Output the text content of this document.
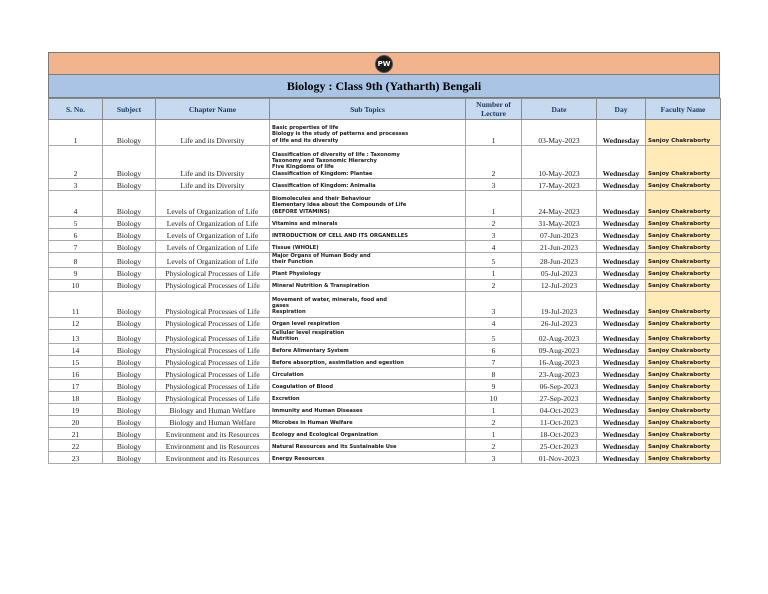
PW
Biology : Class 9th (Yatharth) Bengali
S. No.	Subject	Chapter Name	Sub Topics	Number of Lecture	Date	Day	Faculty Name
1	Biology	Life and its Diversity	Basic properties of life
Biology is the study of patterns and processes
of life and its diversity	1	03-May-2023	Wednesday	Sanjoy Chakraborty
2	Biology	Life and its Diversity	Classification of diversity of life : Taxonomy
Taxonomy and Taxonomic Hierarchy
Five Kingdoms of life
Classification of Kingdom: Plantae	2	10-May-2023	Wednesday	Sanjoy Chakraborty
3	Biology	Life and its Diversity	Classification of Kingdom: Animalia	3	17-May-2023	Wednesday	Sanjoy Chakraborty
4	Biology	Levels of Organization of Life	Biomolecules and their Behaviour
Elementary idea about the Compounds of Life
(BEFORE VITAMINS)	1	24-May-2023	Wednesday	Sanjoy Chakraborty
5	Biology	Levels of Organization of Life	Vitamins and minerals	2	31-May-2023	Wednesday	Sanjoy Chakraborty
6	Biology	Levels of Organization of Life	INTRODUCTION OF CELL AND ITS ORGANELLES	3	07-Jun-2023	Wednesday	Sanjoy Chakraborty
7	Biology	Levels of Organization of Life	Tissue (WHOLE)	4	21-Jun-2023	Wednesday	Sanjoy Chakraborty
8	Biology	Levels of Organization of Life	Major Organs of Human Body and
their Function	5	28-Jun-2023	Wednesday	Sanjoy Chakraborty
9	Biology	Physiological Processes of Life	Plant Physiology	1	05-Jul-2023	Wednesday	Sanjoy Chakraborty
10	Biology	Physiological Processes of Life	Mineral Nutrition & Transpiration	2	12-Jul-2023	Wednesday	Sanjoy Chakraborty
11	Biology	Physiological Processes of Life	Movement of water, minerals, food and
gases
Respiration	3	19-Jul-2023	Wednesday	Sanjoy Chakraborty
12	Biology	Physiological Processes of Life	Organ level respiration	4	26-Jul-2023	Wednesday	Sanjoy Chakraborty
13	Biology	Physiological Processes of Life	Cellular level respiration
Nutrition	5	02-Aug-2023	Wednesday	Sanjoy Chakraborty
14	Biology	Physiological Processes of Life	Before Alimentary System	6	09-Aug-2023	Wednesday	Sanjoy Chakraborty
15	Biology	Physiological Processes of Life	Before absorption, assimilation and egestion	7	16-Aug-2023	Wednesday	Sanjoy Chakraborty
16	Biology	Physiological Processes of Life	Circulation	8	23-Aug-2023	Wednesday	Sanjoy Chakraborty
17	Biology	Physiological Processes of Life	Coagulation of Blood	9	06-Sep-2023	Wednesday	Sanjoy Chakraborty
18	Biology	Physiological Processes of Life	Excretion	10	27-Sep-2023	Wednesday	Sanjoy Chakraborty
19	Biology	Biology and Human Welfare	Immunity and Human Diseases	1	04-Oct-2023	Wednesday	Sanjoy Chakraborty
20	Biology	Biology and Human Welfare	Microbes in Human Welfare	2	11-Oct-2023	Wednesday	Sanjoy Chakraborty
21	Biology	Environment and its Resources	Ecology and Ecological Organization	1	18-Oct-2023	Wednesday	Sanjoy Chakraborty
22	Biology	Environment and its Resources	Natural Resources and its Sustainable Use	2	25-Oct-2023	Wednesday	Sanjoy Chakraborty
23	Biology	Environment and its Resources	Energy Resources	3	01-Nov-2023	Wednesday	Sanjoy Chakraborty
